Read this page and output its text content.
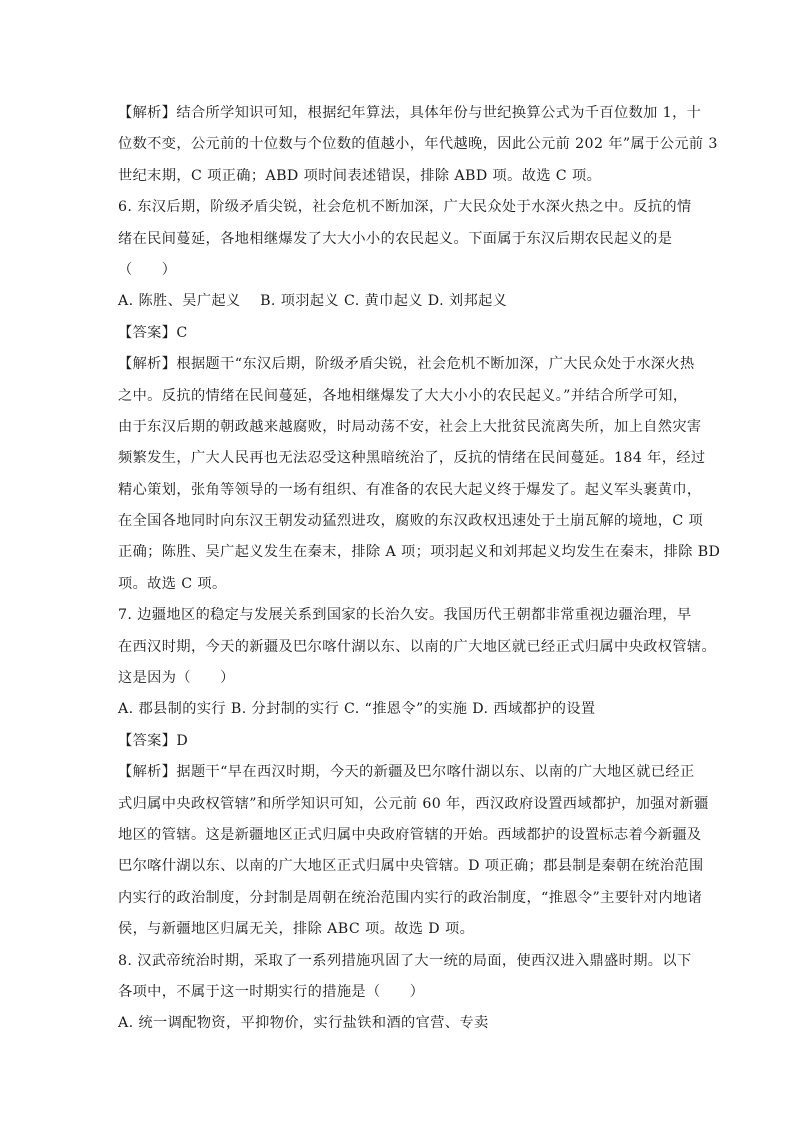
【解析】结合所学知识可知，根据纪年算法，具体年份与世纪换算公式为千百位数加 1，十
位数不变，公元前的十位数与个位数的值越小，年代越晚，因此公元前 202 年”属于公元前 3
世纪末期，C 项正确；ABD 项时间表述错误，排除 ABD 项。故选 C 项。
6. 东汉后期，阶级矛盾尖锐，社会危机不断加深，广大民众处于水深火热之中。反抗的情
绪在民间蔓延，各地相继爆发了大大小小的农民起义。下面属于东汉后期农民起义的是
（　　）
A. 陈胜、吴广起义　 B. 项羽起义 C. 黄巾起义 D. 刘邦起义
【答案】C
【解析】根据题干“东汉后期，阶级矛盾尖锐，社会危机不断加深，广大民众处于水深火热
之中。反抗的情绪在民间蔓延，各地相继爆发了大大小小的农民起义。”并结合所学可知，
由于东汉后期的朝政越来越腐败，时局动荡不安，社会上大批贫民流离失所，加上自然灾害
频繁发生，广大人民再也无法忍受这种黑暗统治了，反抗的情绪在民间蔓延。184 年，经过
精心策划，张角等领导的一场有组织、有准备的农民大起义终于爆发了。起义军头裹黄巾，
在全国各地同时向东汉王朝发动猛烈进攻，腐败的东汉政权迅速处于土崩瓦解的境地，C 项
正确；陈胜、吴广起义发生在秦末，排除 A 项；项羽起义和刘邦起义均发生在秦末，排除 BD
项。故选 C 项。
7. 边疆地区的稳定与发展关系到国家的长治久安。我国历代王朝都非常重视边疆治理，早
在西汉时期，今天的新疆及巴尔喀什湖以东、以南的广大地区就已经正式归属中央政权管辖。
这是因为（　　）
A. 郡县制的实行 B. 分封制的实行 C. “推恩令”的实施 D. 西域都护的设置
【答案】D
【解析】据题干“早在西汉时期，今天的新疆及巴尔喀什湖以东、以南的广大地区就已经正
式归属中央政权管辖”和所学知识可知，公元前 60 年，西汉政府设置西域都护，加强对新疆
地区的管辖。这是新疆地区正式归属中央政府管辖的开始。西域都护的设置标志着今新疆及
巴尔喀什湖以东、以南的广大地区正式归属中央管辖。D 项正确；郡县制是秦朝在统治范围
内实行的政治制度，分封制是周朝在统治范围内实行的政治制度，“推恩令”主要针对内地诸
侯，与新疆地区归属无关，排除 ABC 项。故选 D 项。
8. 汉武帝统治时期，采取了一系列措施巩固了大一统的局面，使西汉进入鼎盛时期。以下
各项中，不属于这一时期实行的措施是（　　）
A. 统一调配物资，平抑物价，实行盐铁和酒的官营、专卖
